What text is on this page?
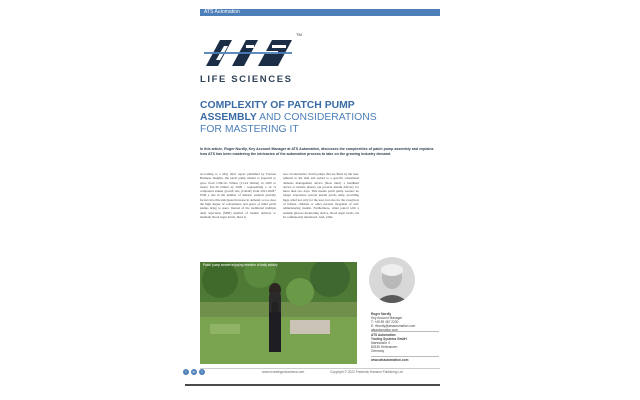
ATS Automation
TM
LIFE SCIENCES
COMPLEXITY OF PATCH PUMP
ASSEMBLY AND CONSIDERATIONS
FOR MASTERING IT
In this article, Roger Nordly, Key Account Manager at ATS Automation, discusses the complexities of patch pump assembly and explains how ATS has been mastering the intricacies of the automation process to take on the growing industry demand.
According to a May 2021 report published by Fortune Business Insights, the patch pump market is expected to grow from US$1.61 billion (£1.24 billion) in 2020 to nearly $11.46 billion by 2028 – representing a 14 % compound annual growth rate (CAGR) from 2021-2028.¹ With a rise in the number of diabetic patients globally factors into this anticipated increase in demand, so too does the high degree of convenience and peace of mind patch pumps bring to users. Instead of the traditional multiple daily injections (MDI) method of insulin delivery to maintain blood sugar levels, there is
now an alternative. Patch pumps that are filled by the user, adhered to the skin and paired to a specific customised diabetes management device (most likely a handheld device or mobile phone) can provide insulin delivery for more than two days. This means patch pump wearers no longer experience several needle pricks daily, providing huge relief not only for the user, but also for the caregivers of infants, children or other persons incapable of self-administering insulin. Furthermore, when paired with a suitable glucose monitoring device, blood sugar levels can be continuously monitored. And, while
Patch pump wearer enjoying freedom of daily activity
Roger Nordly
Key Account Manager
T: +49 89 467 2230
E: rNordly@atsautomation.com
atsautomation.com
ATS Automation
Tooling Systems GmbH
Marsstraße 4
80335 Hörbranzen
Germany
www.atsautomation.com
f	in	t	www.investingtobusiness.com	Copyright © 2022 Frederick Hamson Publishing Ltd
